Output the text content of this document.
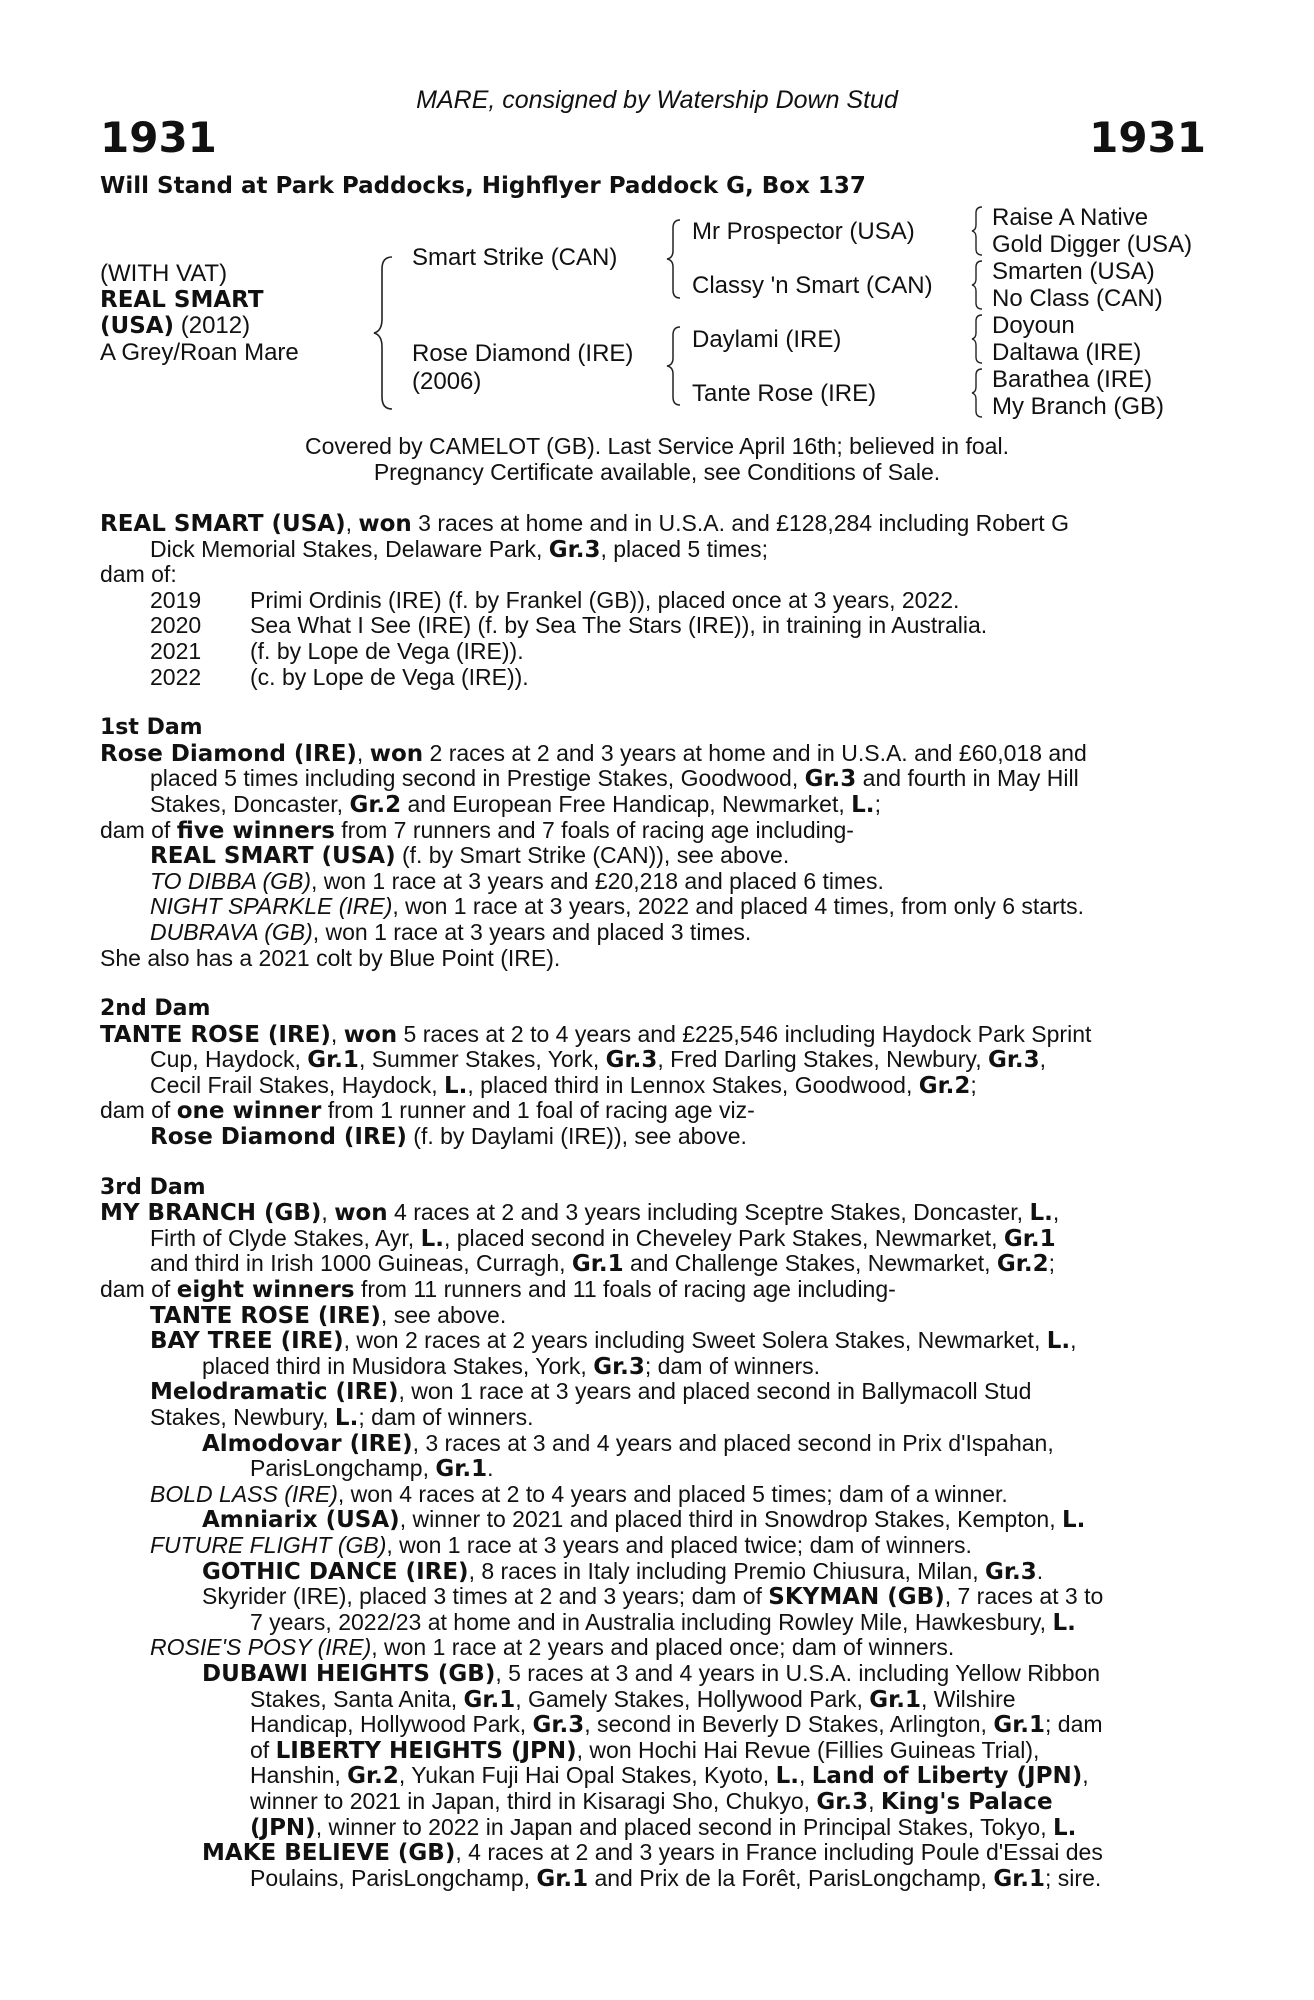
MARE, consigned by Watership Down Stud
1931	1931
Will Stand at Park Paddocks, Highflyer Paddock G, Box 137
(WITH VAT)
REAL SMART
(USA) (2012)
A Grey/Roan Mare
Smart Strike (CAN)
Rose Diamond (IRE)
(2006)
Mr Prospector (USA)
Classy 'n Smart (CAN)
Daylami (IRE)
Tante Rose (IRE)
Raise A Native
Gold Digger (USA)
Smarten (USA)
No Class (CAN)
Doyoun
Daltawa (IRE)
Barathea (IRE)
My Branch (GB)
Covered by CAMELOT (GB). Last Service April 16th; believed in foal.
Pregnancy Certificate available, see Conditions of Sale.
REAL SMART (USA), won 3 races at home and in U.S.A. and £128,284 including Robert G
Dick Memorial Stakes, Delaware Park, Gr.3, placed 5 times;
dam of:
2019 Primi Ordinis (IRE) (f. by Frankel (GB)), placed once at 3 years, 2022.
2020 Sea What I See (IRE) (f. by Sea The Stars (IRE)), in training in Australia.
2021 (f. by Lope de Vega (IRE)).
2022 (c. by Lope de Vega (IRE)).
1st Dam
Rose Diamond (IRE), won 2 races at 2 and 3 years at home and in U.S.A. and £60,018 and
placed 5 times including second in Prestige Stakes, Goodwood, Gr.3 and fourth in May Hill
Stakes, Doncaster, Gr.2 and European Free Handicap, Newmarket, L.;
dam of five winners from 7 runners and 7 foals of racing age including-
REAL SMART (USA) (f. by Smart Strike (CAN)), see above.
TO DIBBA (GB), won 1 race at 3 years and £20,218 and placed 6 times.
NIGHT SPARKLE (IRE), won 1 race at 3 years, 2022 and placed 4 times, from only 6 starts.
DUBRAVA (GB), won 1 race at 3 years and placed 3 times.
She also has a 2021 colt by Blue Point (IRE).
2nd Dam
TANTE ROSE (IRE), won 5 races at 2 to 4 years and £225,546 including Haydock Park Sprint
Cup, Haydock, Gr.1, Summer Stakes, York, Gr.3, Fred Darling Stakes, Newbury, Gr.3,
Cecil Frail Stakes, Haydock, L., placed third in Lennox Stakes, Goodwood, Gr.2;
dam of one winner from 1 runner and 1 foal of racing age viz-
Rose Diamond (IRE) (f. by Daylami (IRE)), see above.
3rd Dam
MY BRANCH (GB), won 4 races at 2 and 3 years including Sceptre Stakes, Doncaster, L.,
Firth of Clyde Stakes, Ayr, L., placed second in Cheveley Park Stakes, Newmarket, Gr.1
and third in Irish 1000 Guineas, Curragh, Gr.1 and Challenge Stakes, Newmarket, Gr.2;
dam of eight winners from 11 runners and 11 foals of racing age including-
TANTE ROSE (IRE), see above.
BAY TREE (IRE), won 2 races at 2 years including Sweet Solera Stakes, Newmarket, L.,
placed third in Musidora Stakes, York, Gr.3; dam of winners.
Melodramatic (IRE), won 1 race at 3 years and placed second in Ballymacoll Stud
Stakes, Newbury, L.; dam of winners.
Almodovar (IRE), 3 races at 3 and 4 years and placed second in Prix d'Ispahan,
ParisLongchamp, Gr.1.
BOLD LASS (IRE), won 4 races at 2 to 4 years and placed 5 times; dam of a winner.
Amniarix (USA), winner to 2021 and placed third in Snowdrop Stakes, Kempton, L.
FUTURE FLIGHT (GB), won 1 race at 3 years and placed twice; dam of winners.
GOTHIC DANCE (IRE), 8 races in Italy including Premio Chiusura, Milan, Gr.3.
Skyrider (IRE), placed 3 times at 2 and 3 years; dam of SKYMAN (GB), 7 races at 3 to
7 years, 2022/23 at home and in Australia including Rowley Mile, Hawkesbury, L.
ROSIE'S POSY (IRE), won 1 race at 2 years and placed once; dam of winners.
DUBAWI HEIGHTS (GB), 5 races at 3 and 4 years in U.S.A. including Yellow Ribbon
Stakes, Santa Anita, Gr.1, Gamely Stakes, Hollywood Park, Gr.1, Wilshire
Handicap, Hollywood Park, Gr.3, second in Beverly D Stakes, Arlington, Gr.1; dam
of LIBERTY HEIGHTS (JPN), won Hochi Hai Revue (Fillies Guineas Trial),
Hanshin, Gr.2, Yukan Fuji Hai Opal Stakes, Kyoto, L., Land of Liberty (JPN),
winner to 2021 in Japan, third in Kisaragi Sho, Chukyo, Gr.3, King's Palace
(JPN), winner to 2022 in Japan and placed second in Principal Stakes, Tokyo, L.
MAKE BELIEVE (GB), 4 races at 2 and 3 years in France including Poule d'Essai des
Poulains, ParisLongchamp, Gr.1 and Prix de la Forêt, ParisLongchamp, Gr.1; sire.
